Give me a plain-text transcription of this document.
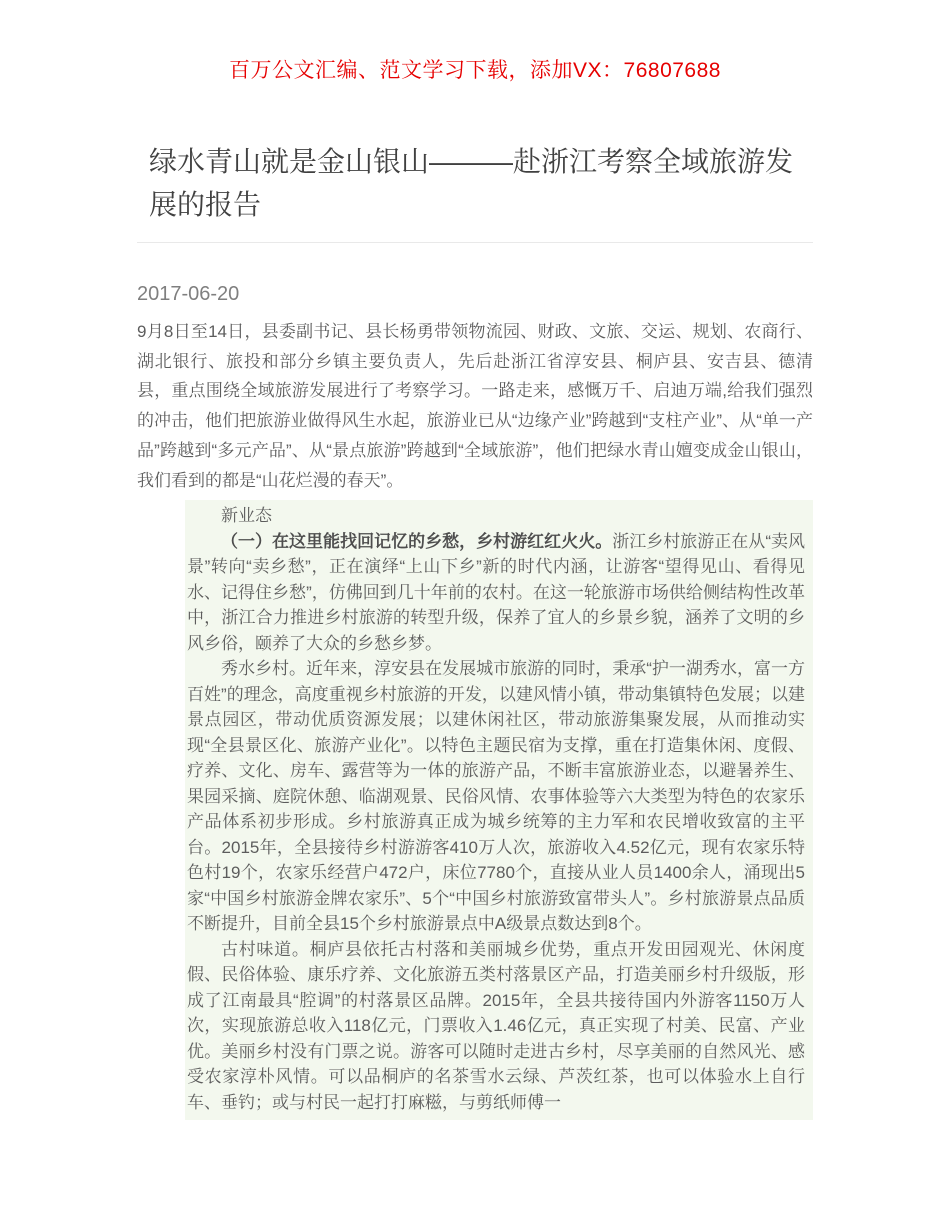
百万公文汇编、范文学习下载，添加VX：76807688
绿水青山就是金山银山———赴浙江考察全域旅游发展的报告
2017-06-20

9月8日至14日，县委副书记、县长杨勇带领物流园、财政、文旅、交运、规划、农商行、湖北银行、旅投和部分乡镇主要负责人，先后赴浙江省淳安县、桐庐县、安吉县、德清县，重点围绕全域旅游发展进行了考察学习。一路走来，感慨万千、启迪万端,给我们强烈的冲击，他们把旅游业做得风生水起，旅游业已从“边缘产业”跨越到“支柱产业”、从“单一产品”跨越到“多元产品”、从“景点旅游”跨越到“全域旅游”，他们把绿水青山嬗变成金山银山，我们看到的都是“山花烂漫的春天”。

新业态

（一）在这里能找回记忆的乡愁，乡村游红红火火。浙江乡村旅游正在从“卖风景”转向“卖乡愁”，正在演绎“上山下乡”新的时代内涵，让游客“望得见山、看得见水、记得住乡愁”，仿佛回到几十年前的农村。在这一轮旅游市场供给侧结构性改革中，浙江合力推进乡村旅游的转型升级，保养了宜人的乡景乡貌，涵养了文明的乡风乡俗，颐养了大众的乡愁乡梦。

秀水乡村。近年来，淳安县在发展城市旅游的同时，秉承“护一湖秀水，富一方百姓”的理念，高度重视乡村旅游的开发，以建风情小镇，带动集镇特色发展；以建景点园区，带动优质资源发展；以建休闲社区，带动旅游集聚发展，从而推动实现“全县景区化、旅游产业化”。以特色主题民宿为支撑，重在打造集休闲、度假、疗养、文化、房车、露营等为一体的旅游产品，不断丰富旅游业态，以避暑养生、果园采摘、庭院休憩、临湖观景、民俗风情、农事体验等六大类型为特色的农家乐产品体系初步形成。乡村旅游真正成为城乡统筹的主力军和农民增收致富的主平台。2015年，全县接待乡村游游客410万人次，旅游收入4.52亿元，现有农家乐特色村19个，农家乐经营户472户，床位7780个，直接从业人员1400余人，涌现出5家“中国乡村旅游金牌农家乐”、5个“中国乡村旅游致富带头人”。乡村旅游景点品质不断提升，目前全县15个乡村旅游景点中A级景点数达到8个。

古村味道。桐庐县依托古村落和美丽城乡优势，重点开发田园观光、休闲度假、民俗体验、康乐疗养、文化旅游五类村落景区产品，打造美丽乡村升级版，形成了江南最具“腔调”的村落景区品牌。2015年，全县共接待国内外游客1150万人次，实现旅游总收入118亿元，门票收入1.46亿元，真正实现了村美、民富、产业优。美丽乡村没有门票之说。游客可以随时走进古乡村，尽享美丽的自然风光、感受农家淳朴风情。可以品桐庐的名茶雪水云绿、芦茨红茶，也可以体验水上自行车、垂钓；或与村民一起打打麻糍，与剪纸师傅一
